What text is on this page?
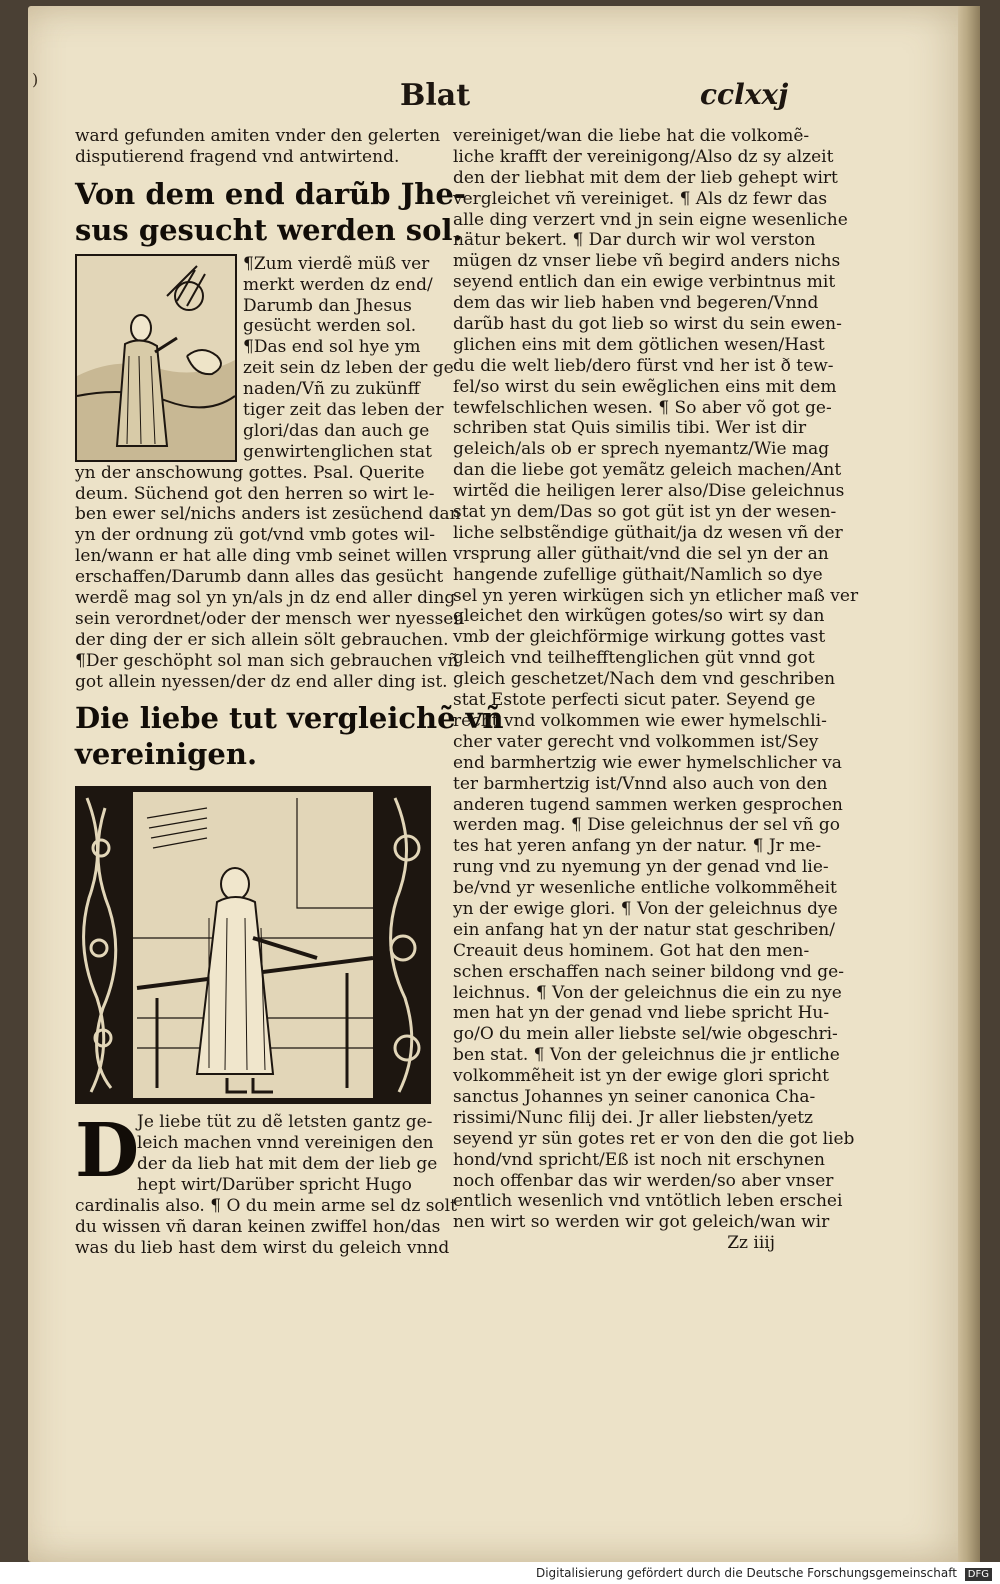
)	Blat	cclxxj
ward gefunden amiten vnder den gelerten
disputierend fragend vnd antwirtend.
Von dem end darũb Jhe-
sus gesucht werden sol.
¶Zum vierdẽ müß ver
merkt werden dz end/
Darumb dan Jhesus
gesücht werden sol.
¶Das end sol hye ym
zeit sein dz leben der ge
naden/Vñ zu zukünff
tiger zeit das leben der
glori/das dan auch ge
genwirtenglichen stat
yn der anschowung gottes. Psal. Querite
deum. Süchend got den herren so wirt le-
ben ewer sel/nichs anders ist zesüchend dan
yn der ordnung zü got/vnd vmb gotes wil-
len/wann er hat alle ding vmb seinet willen
erschaffen/Darumb dann alles das gesücht
werdẽ mag sol yn yn/als jn dz end aller ding
sein verordnet/oder der mensch wer nyessen
der ding der er sich allein sölt gebrauchen.
¶Der geschöpht sol man sich gebrauchen vñ
got allein nyessen/der dz end aller ding ist.
Die liebe tut vergleichẽ vñ
vereinigen.
D
Je liebe tüt zu dẽ letsten gantz ge-
leich machen vnnd vereinigen den
der da lieb hat mit dem der lieb ge
hept wirt/Darüber spricht Hugo
cardinalis also. ¶ O du mein arme sel dz solt
du wissen vñ daran keinen zwiffel hon/das
was du lieb hast dem wirst du geleich vnnd
vereiniget/wan die liebe hat die volkomẽ-
liche krafft der vereinigong/Also dz sy alzeit
den der liebhat mit dem der lieb gehept wirt
vergleichet vñ vereiniget. ¶ Als dz fewr das
alle ding verzert vnd jn sein eigne wesenliche
nätur bekert. ¶ Dar durch wir wol verston
mügen dz vnser liebe vñ begird anders nichs
seyend entlich dan ein ewige verbintnus mit
dem das wir lieb haben vnd begeren/Vnnd
darũb hast du got lieb so wirst du sein ewen-
glichen eins mit dem götlichen wesen/Hast
du die welt lieb/dero fürst vnd her ist ð tew-
fel/so wirst du sein ewẽglichen eins mit dem
tewfelschlichen wesen. ¶ So aber võ got ge-
schriben stat Quis similis tibi. Wer ist dir
geleich/als ob er sprech nyemantz/Wie mag
dan die liebe got yemãtz geleich machen/Ant
wirtẽd die heiligen lerer also/Dise geleichnus
stat yn dem/Das so got güt ist yn der wesen-
liche selbstẽndige güthait/ja dz wesen vñ der
vrsprung aller güthait/vnd die sel yn der an
hangende zufellige güthait/Namlich so dye
sel yn yeren wirkügen sich yn etlicher maß ver
gleichet den wirkũgen gotes/so wirt sy dan
vmb der gleichförmige wirkung gottes vast
gleich vnd teilhefftenglichen güt vnnd got
gleich geschetzet/Nach dem vnd geschriben
stat Estote perfecti sicut pater. Seyend ge
recht vnd volkommen wie ewer hymelschli-
cher vater gerecht vnd volkommen ist/Sey
end barmhertzig wie ewer hymelschlicher va
ter barmhertzig ist/Vnnd also auch von den
anderen tugend sammen werken gesprochen
werden mag. ¶ Dise geleichnus der sel vñ go
tes hat yeren anfang yn der natur. ¶ Jr me-
rung vnd zu nyemung yn der genad vnd lie-
be/vnd yr wesenliche entliche volkommẽheit
yn der ewige glori. ¶ Von der geleichnus dye
ein anfang hat yn der natur stat geschriben/
Creauit deus hominem. Got hat den men-
schen erschaffen nach seiner bildong vnd ge-
leichnus. ¶ Von der geleichnus die ein zu nye
men hat yn der genad vnd liebe spricht Hu-
go/O du mein aller liebste sel/wie obgeschri-
ben stat. ¶ Von der geleichnus die jr entliche
volkommẽheit ist yn der ewige glori spricht
sanctus Johannes yn seiner canonica Cha-
rissimi/Nunc filij dei. Jr aller liebsten/yetz
seyend yr sün gotes ret er von den die got lieb
hond/vnd spricht/Eß ist noch nit erschynen
noch offenbar das wir werden/so aber vnser
entlich wesenlich vnd vntötlich leben erschei
nen wirt so werden wir got geleich/wan wir
Zz iiij
Digitalisierung gefördert durch die Deutsche Forschungsgemeinschaft DFG
